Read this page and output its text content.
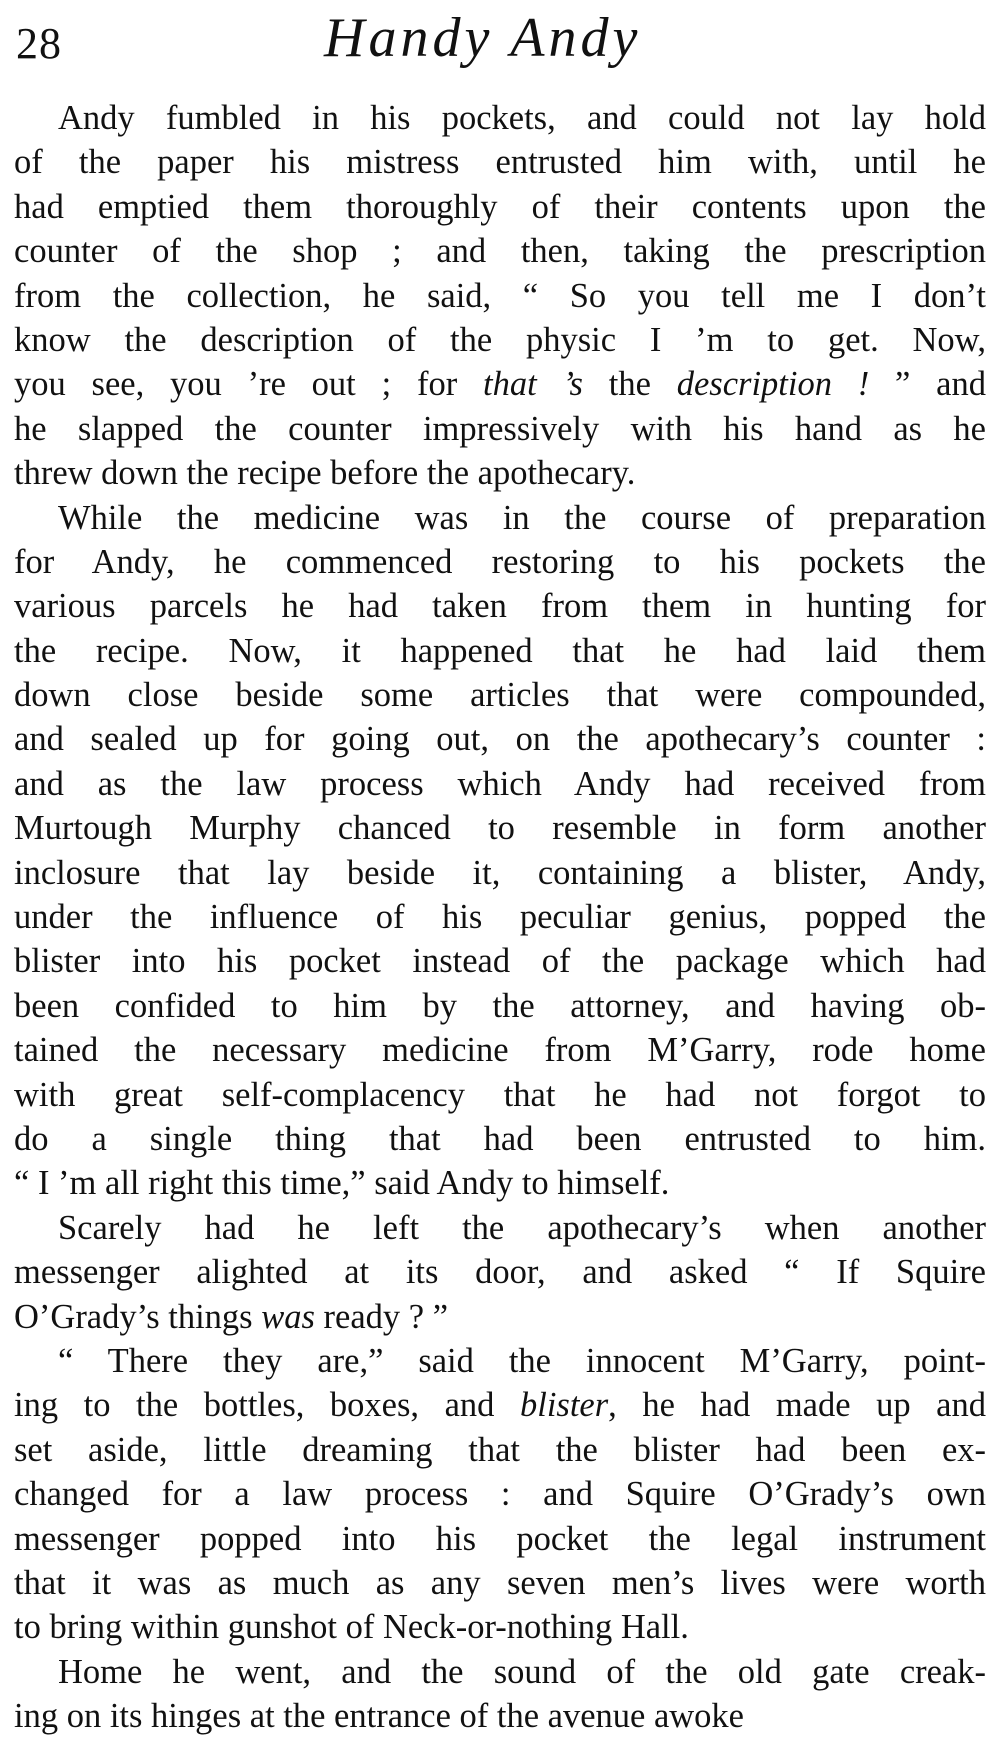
28	Handy Andy
Andy fumbled in his pockets, and could not lay hold
of the paper his mistress entrusted him with, until he
had emptied them thoroughly of their contents upon the
counter of the shop ; and then, taking the prescription
from the collection, he said, “ So you tell me I don’t
know the description of the physic I ’m to get. Now,
you see, you ’re out ; for that ’s the description ! ” and
he slapped the counter impressively with his hand as he
threw down the recipe before the apothecary.
While the medicine was in the course of preparation
for Andy, he commenced restoring to his pockets the
various parcels he had taken from them in hunting for
the recipe. Now, it happened that he had laid them
down close beside some articles that were compounded,
and sealed up for going out, on the apothecary’s counter :
and as the law process which Andy had received from
Murtough Murphy chanced to resemble in form another
inclosure that lay beside it, containing a blister, Andy,
under the influence of his peculiar genius, popped the
blister into his pocket instead of the package which had
been confided to him by the attorney, and having ob-
tained the necessary medicine from M’Garry, rode home
with great self-complacency that he had not forgot to
do a single thing that had been entrusted to him.
“ I ’m all right this time,” said Andy to himself.
Scarely had he left the apothecary’s when another
messenger alighted at its door, and asked “ If Squire
O’Grady’s things was ready ? ”
“ There they are,” said the innocent M’Garry, point-
ing to the bottles, boxes, and blister, he had made up and
set aside, little dreaming that the blister had been ex-
changed for a law process : and Squire O’Grady’s own
messenger popped into his pocket the legal instrument
that it was as much as any seven men’s lives were worth
to bring within gunshot of Neck-or-nothing Hall.
Home he went, and the sound of the old gate creak-
ing on its hinges at the entrance of the avenue awoke
